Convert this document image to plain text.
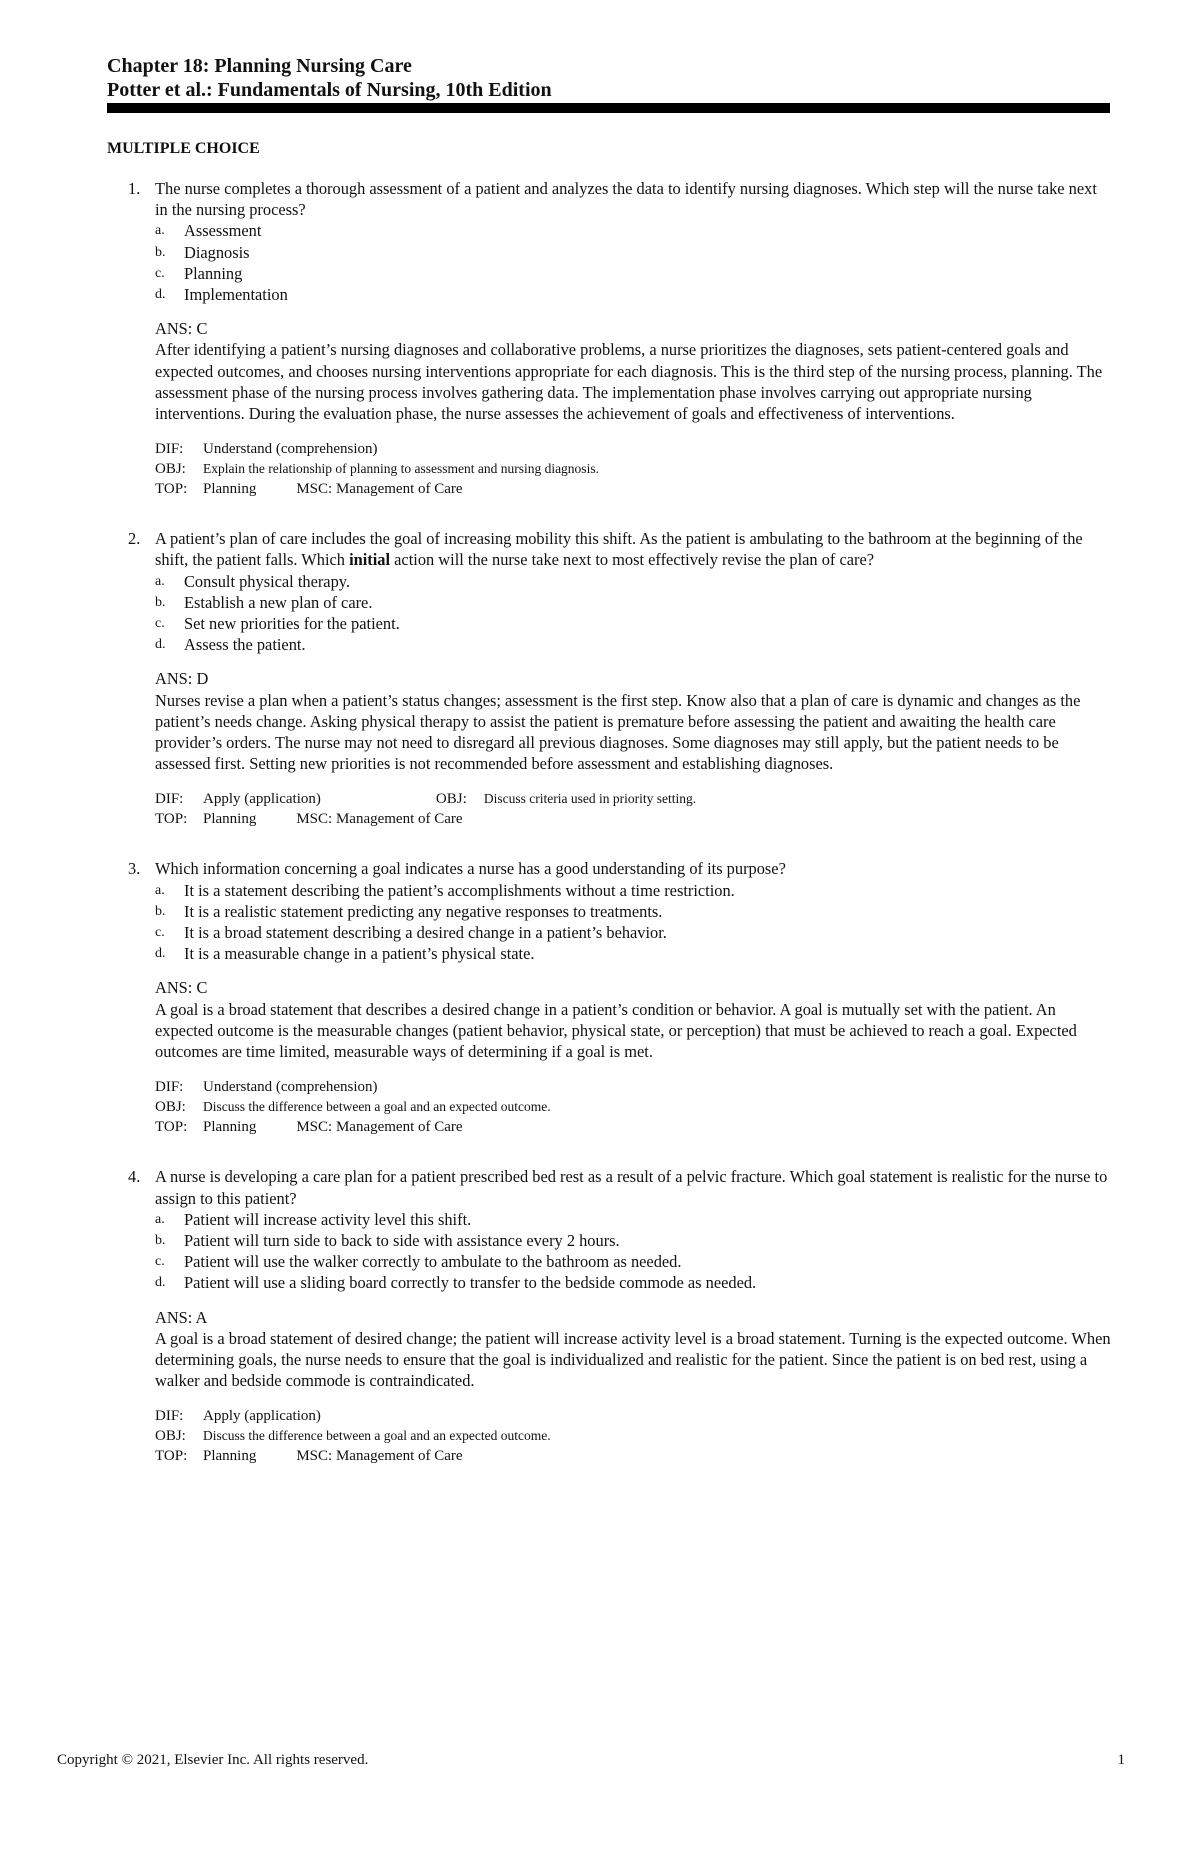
Chapter 18: Planning Nursing Care
Potter et al.: Fundamentals of Nursing, 10th Edition
MULTIPLE CHOICE
1. The nurse completes a thorough assessment of a patient and analyzes the data to identify nursing diagnoses. Which step will the nurse take next in the nursing process?
a. Assessment
b. Diagnosis
c. Planning
d. Implementation
ANS: C
After identifying a patient’s nursing diagnoses and collaborative problems, a nurse prioritizes the diagnoses, sets patient-centered goals and expected outcomes, and chooses nursing interventions appropriate for each diagnosis. This is the third step of the nursing process, planning. The assessment phase of the nursing process involves gathering data. The implementation phase involves carrying out appropriate nursing interventions. During the evaluation phase, the nurse assesses the achievement of goals and effectiveness of interventions.
DIF: Understand (comprehension)
OBJ: Explain the relationship of planning to assessment and nursing diagnosis.
TOP: Planning	MSC: Management of Care
2. A patient’s plan of care includes the goal of increasing mobility this shift. As the patient is ambulating to the bathroom at the beginning of the shift, the patient falls. Which initial action will the nurse take next to most effectively revise the plan of care?
a. Consult physical therapy.
b. Establish a new plan of care.
c. Set new priorities for the patient.
d. Assess the patient.
ANS: D
Nurses revise a plan when a patient’s status changes; assessment is the first step. Know also that a plan of care is dynamic and changes as the patient’s needs change. Asking physical therapy to assist the patient is premature before assessing the patient and awaiting the health care provider’s orders. The nurse may not need to disregard all previous diagnoses. Some diagnoses may still apply, but the patient needs to be assessed first. Setting new priorities is not recommended before assessment and establishing diagnoses.
DIF: Apply (application)	OBJ: Discuss criteria used in priority setting.
TOP: Planning	MSC: Management of Care
3. Which information concerning a goal indicates a nurse has a good understanding of its purpose?
a. It is a statement describing the patient’s accomplishments without a time restriction.
b. It is a realistic statement predicting any negative responses to treatments.
c. It is a broad statement describing a desired change in a patient’s behavior.
d. It is a measurable change in a patient’s physical state.
ANS: C
A goal is a broad statement that describes a desired change in a patient’s condition or behavior. A goal is mutually set with the patient. An expected outcome is the measurable changes (patient behavior, physical state, or perception) that must be achieved to reach a goal. Expected outcomes are time limited, measurable ways of determining if a goal is met.
DIF: Understand (comprehension)
OBJ: Discuss the difference between a goal and an expected outcome.
TOP: Planning	MSC: Management of Care
4. A nurse is developing a care plan for a patient prescribed bed rest as a result of a pelvic fracture. Which goal statement is realistic for the nurse to assign to this patient?
a. Patient will increase activity level this shift.
b. Patient will turn side to back to side with assistance every 2 hours.
c. Patient will use the walker correctly to ambulate to the bathroom as needed.
d. Patient will use a sliding board correctly to transfer to the bedside commode as needed.
ANS: A
A goal is a broad statement of desired change; the patient will increase activity level is a broad statement. Turning is the expected outcome. When determining goals, the nurse needs to ensure that the goal is individualized and realistic for the patient. Since the patient is on bed rest, using a walker and bedside commode is contraindicated.
DIF: Apply (application)
OBJ: Discuss the difference between a goal and an expected outcome.
TOP: Planning	MSC: Management of Care
Copyright © 2021, Elsevier Inc. All rights reserved.	1
